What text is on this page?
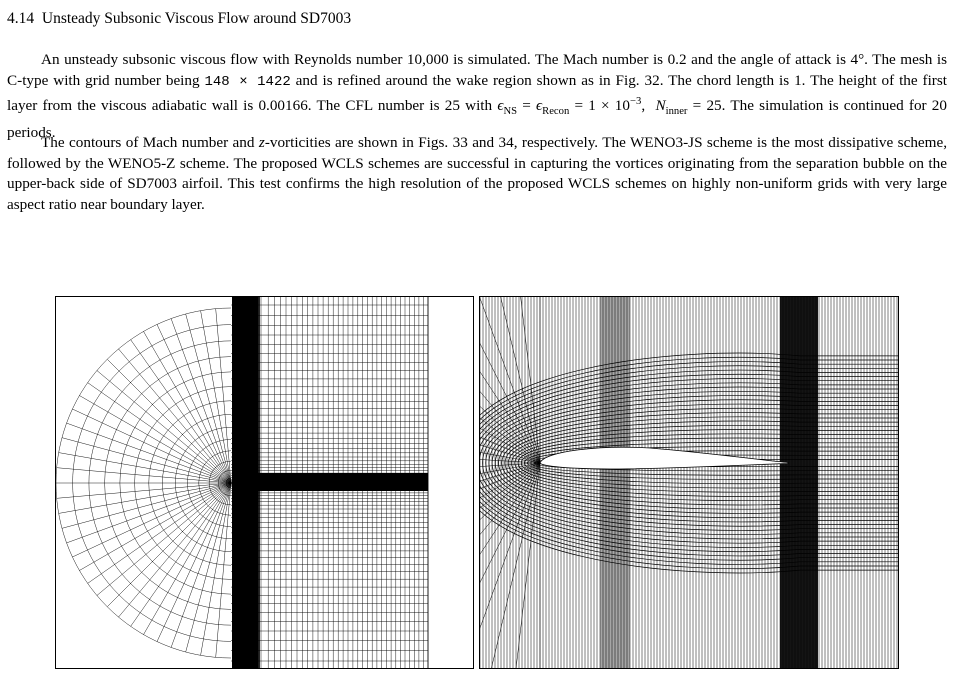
4.14 Unsteady Subsonic Viscous Flow around SD7003
An unsteady subsonic viscous flow with Reynolds number 10,000 is simulated. The Mach number is 0.2 and the angle of attack is 4°. The mesh is C-type with grid number being 148 × 1422 and is refined around the wake region shown as in Fig. 32. The chord length is 1. The height of the first layer from the viscous adiabatic wall is 0.00166. The CFL number is 25 with $\epsilon_{NS} = \epsilon_{Recon} = 1 \times 10^{-3}$,  $N_{inner} = 25$. The simulation is continued for 20 periods.
The contours of Mach number and z-vorticities are shown in Figs. 33 and 34, respectively. The WENO3-JS scheme is the most dissipative scheme, followed by the WENO5-Z scheme. The proposed WCLS schemes are successful in capturing the vortices originating from the separation bubble on the upper-back side of SD7003 airfoil. This test confirms the high resolution of the proposed WCLS schemes on highly non-uniform grids with very large aspect ratio near boundary layer.
